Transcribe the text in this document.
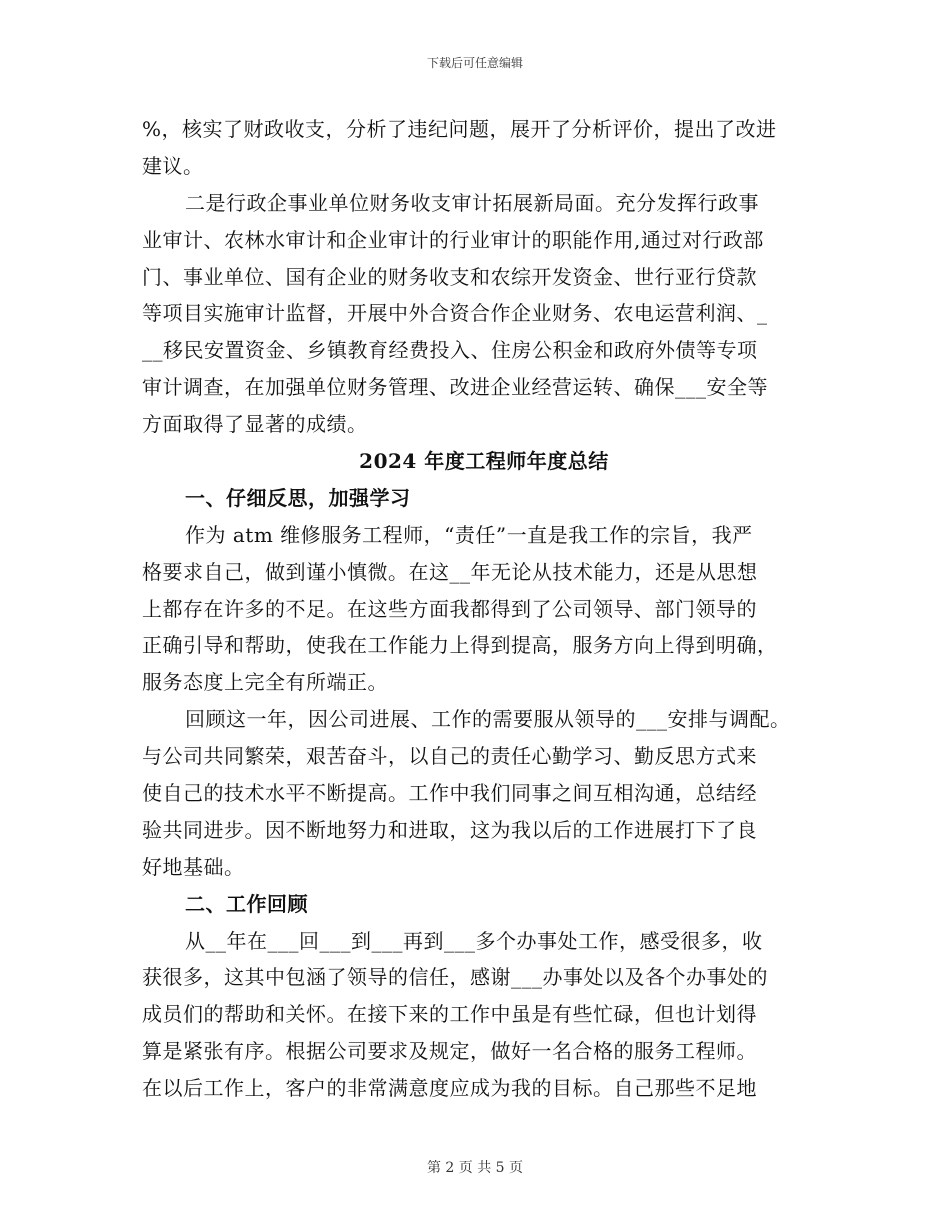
下载后可任意编辑
%，核实了财政收支，分析了违纪问题，展开了分析评价，提出了改进
建议。
二是行政企事业单位财务收支审计拓展新局面。充分发挥行政事
业审计、农林水审计和企业审计的行业审计的职能作用,通过对行政部
门、事业单位、国有企业的财务收支和农综开发资金、世行亚行贷款
等项目实施审计监督，开展中外合资合作企业财务、农电运营利润、_
__移民安置资金、乡镇教育经费投入、住房公积金和政府外债等专项
审计调查，在加强单位财务管理、改进企业经营运转、确保___安全等
方面取得了显著的成绩。
2024 年度工程师年度总结
一、仔细反思，加强学习
作为 atm 维修服务工程师，“责任”一直是我工作的宗旨，我严
格要求自己，做到谨小慎微。在这__年无论从技术能力，还是从思想
上都存在许多的不足。在这些方面我都得到了公司领导、部门领导的
正确引导和帮助，使我在工作能力上得到提高，服务方向上得到明确，
服务态度上完全有所端正。
回顾这一年，因公司进展、工作的需要服从领导的___安排与调配。
与公司共同繁荣，艰苦奋斗，以自己的责任心勤学习、勤反思方式来
使自己的技术水平不断提高。工作中我们同事之间互相沟通，总结经
验共同进步。因不断地努力和进取，这为我以后的工作进展打下了良
好地基础。
二、工作回顾
从__年在___回___到___再到___多个办事处工作，感受很多，收
获很多，这其中包涵了领导的信任，感谢___办事处以及各个办事处的
成员们的帮助和关怀。在接下来的工作中虽是有些忙碌，但也计划得
算是紧张有序。根据公司要求及规定，做好一名合格的服务工程师。
在以后工作上，客户的非常满意度应成为我的目标。自己那些不足地
第 2 页 共 5 页
